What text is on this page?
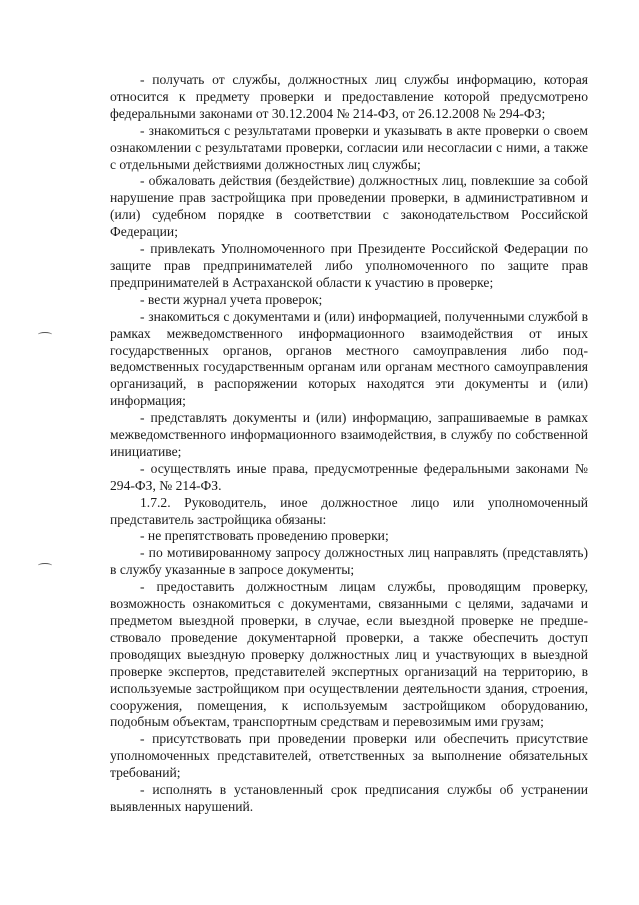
- получать от службы, должностных лиц службы информацию, которая относится к предмету проверки и предоставление которой предусмотрено федеральными законами от 30.12.2004 № 214-ФЗ, от 26.12.2008 № 294-ФЗ;

- знакомиться с результатами проверки и указывать в акте проверки о своем ознакомлении с результатами проверки, согласии или несогласии с ними, а также с отдельными действиями должностных лиц службы;

- обжаловать действия (бездействие) должностных лиц, повлекшие за собой нарушение прав застройщика при проведении проверки, в административном и (или) судебном порядке в соответствии с законодательством Российской Федерации;

- привлекать Уполномоченного при Президенте Российской Федерации по защите прав предпринимателей либо уполномоченного по защите прав предпринимателей в Астраханской области к участию в проверке;

- вести журнал учета проверок;

- знакомиться с документами и (или) информацией, полученными службой в рамках межведомственного информационного взаимодействия от иных государственных органов, органов местного самоуправления либо подведомственных государственным органам или органам местного самоуправления организаций, в распоряжении которых находятся эти документы и (или) информация;

- представлять документы и (или) информацию, запрашиваемые в рамках межведомственного информационного взаимодействия, в службу по собственной инициативе;

- осуществлять иные права, предусмотренные федеральными законами № 294-ФЗ, № 214-ФЗ.

1.7.2. Руководитель, иное должностное лицо или уполномоченный представитель застройщика обязаны:

- не препятствовать проведению проверки;

- по мотивированному запросу должностных лиц направлять (представлять) в службу указанные в запросе документы;

- предоставить должностным лицам службы, проводящим проверку, возможность ознакомиться с документами, связанными с целями, задачами и предметом выездной проверки, в случае, если выездной проверке не предшествовало проведение документарной проверки, а также обеспечить доступ проводящих выездную проверку должностных лиц и участвующих в выездной проверке экспертов, представителей экспертных организаций на территорию, в используемые застройщиком при осуществлении деятельности здания, строения, сооружения, помещения, к используемым застройщиком оборудованию, подобным объектам, транспортным средствам и перевозимым ими грузам;

- присутствовать при проведении проверки или обеспечить присутствие уполномоченных представителей, ответственных за выполнение обязательных требований;

- исполнять в установленный срок предписания службы об устранении выявленных нарушений.
